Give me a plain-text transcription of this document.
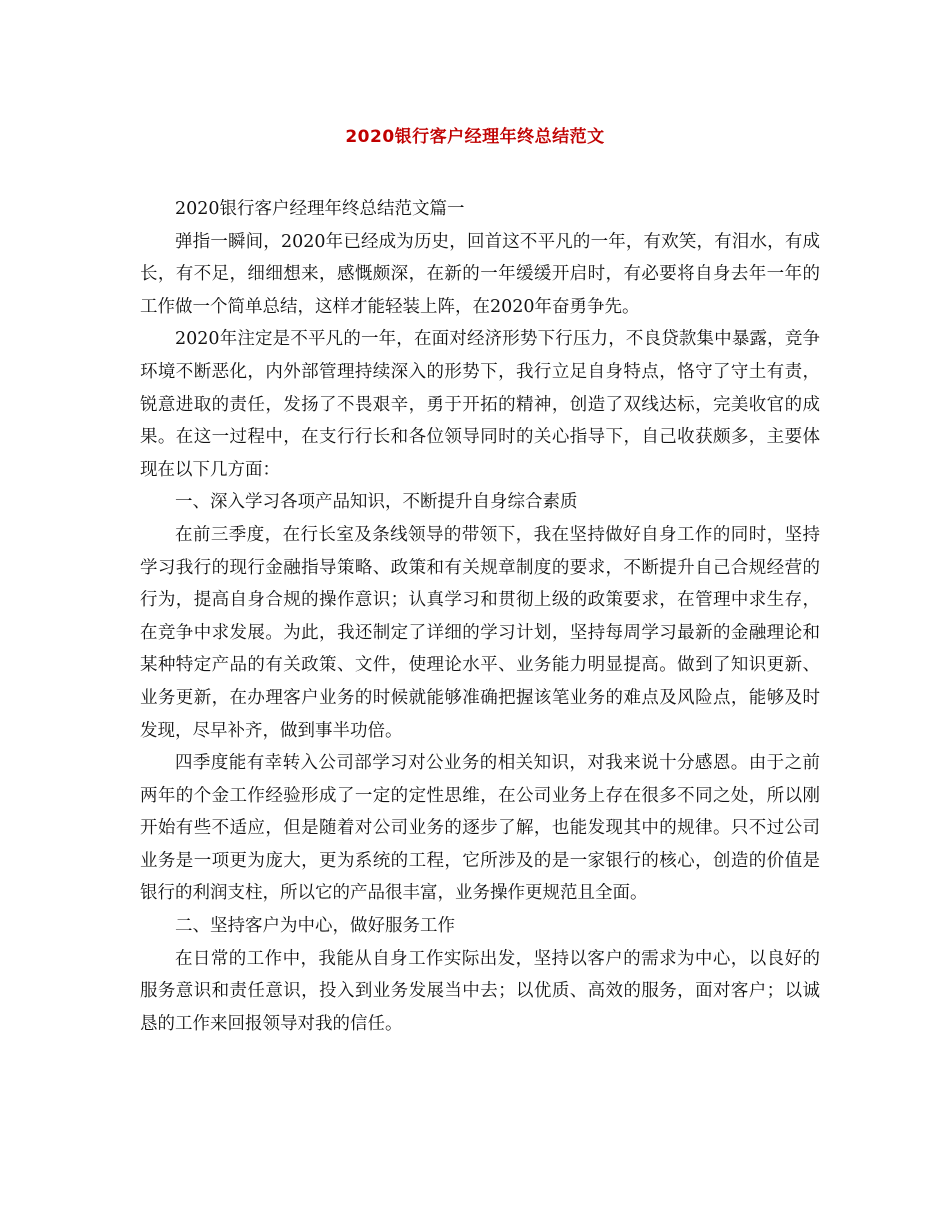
2020银行客户经理年终总结范文

2020银行客户经理年终总结范文篇一

弹指一瞬间，2020年已经成为历史，回首这不平凡的一年，有欢笑，有泪水，有成长，有不足，细细想来，感慨颇深，在新的一年缓缓开启时，有必要将自身去年一年的工作做一个简单总结，这样才能轻装上阵，在2020年奋勇争先。

2020年注定是不平凡的一年，在面对经济形势下行压力，不良贷款集中暴露，竞争环境不断恶化，内外部管理持续深入的形势下，我行立足自身特点，恪守了守土有责，锐意进取的责任，发扬了不畏艰辛，勇于开拓的精神，创造了双线达标，完美收官的成果。在这一过程中，在支行行长和各位领导同时的关心指导下，自己收获颇多，主要体现在以下几方面：

一、深入学习各项产品知识，不断提升自身综合素质

在前三季度，在行长室及条线领导的带领下，我在坚持做好自身工作的同时，坚持学习我行的现行金融指导策略、政策和有关规章制度的要求，不断提升自己合规经营的行为，提高自身合规的操作意识；认真学习和贯彻上级的政策要求，在管理中求生存，在竞争中求发展。为此，我还制定了详细的学习计划，坚持每周学习最新的金融理论和某种特定产品的有关政策、文件，使理论水平、业务能力明显提高。做到了知识更新、业务更新，在办理客户业务的时候就能够准确把握该笔业务的难点及风险点，能够及时发现，尽早补齐，做到事半功倍。

四季度能有幸转入公司部学习对公业务的相关知识，对我来说十分感恩。由于之前两年的个金工作经验形成了一定的定性思维，在公司业务上存在很多不同之处，所以刚开始有些不适应，但是随着对公司业务的逐步了解，也能发现其中的规律。只不过公司业务是一项更为庞大，更为系统的工程，它所涉及的是一家银行的核心，创造的价值是银行的利润支柱，所以它的产品很丰富，业务操作更规范且全面。

二、坚持客户为中心，做好服务工作

在日常的工作中，我能从自身工作实际出发，坚持以客户的需求为中心，以良好的服务意识和责任意识，投入到业务发展当中去；以优质、高效的服务，面对客户；以诚恳的工作来回报领导对我的信任。
